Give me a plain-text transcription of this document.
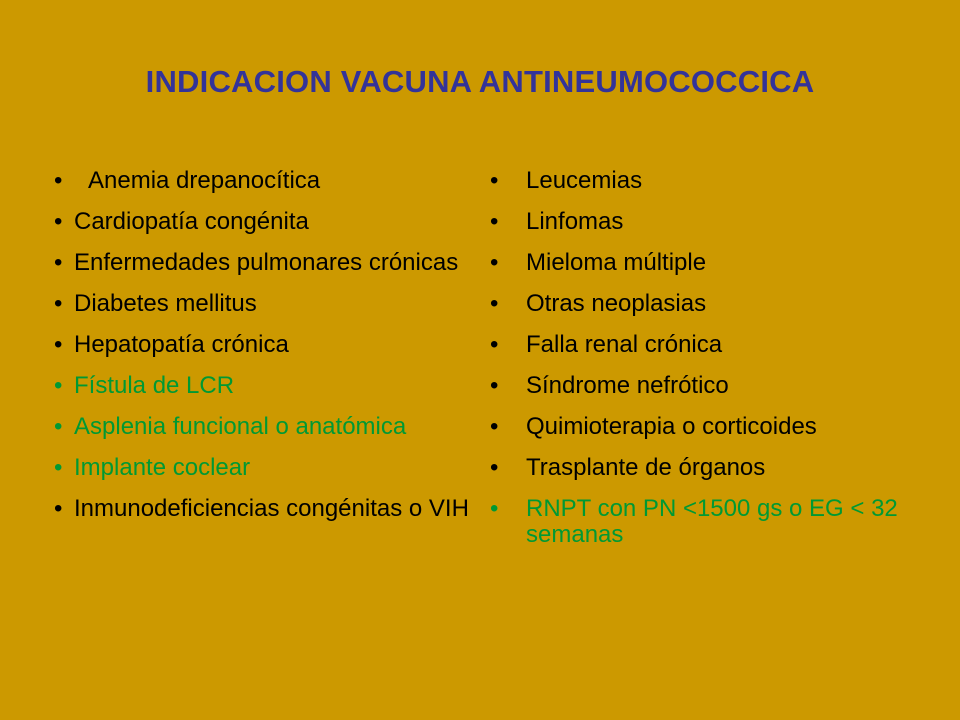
INDICACION VACUNA ANTINEUMOCOCCICA
• Anemia drepanocítica
• Cardiopatía congénita
• Enfermedades pulmonares crónicas
• Diabetes mellitus
• Hepatopatía crónica
• Fístula de LCR
• Asplenia funcional o anatómica
• Implante coclear
• Inmunodeficiencias congénitas o VIH
• Leucemias
• Linfomas
• Mieloma múltiple
• Otras neoplasias
• Falla renal crónica
• Síndrome nefrótico
• Quimioterapia o corticoides
• Trasplante de órganos
• RNPT con PN <1500 gs o EG < 32 semanas
